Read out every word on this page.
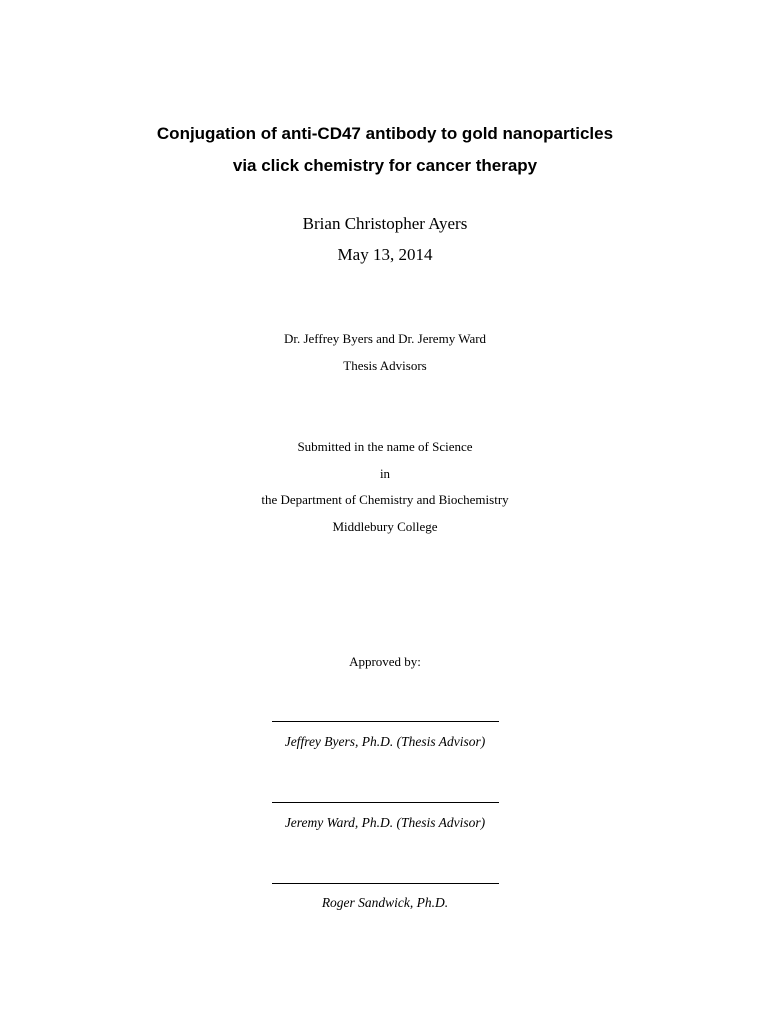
Conjugation of anti-CD47 antibody to gold nanoparticles
via click chemistry for cancer therapy
Brian Christopher Ayers
May 13, 2014
Dr. Jeffrey Byers and Dr. Jeremy Ward
Thesis Advisors
Submitted in the name of Science
in
the Department of Chemistry and Biochemistry
Middlebury College
Approved by:
Jeffrey Byers, Ph.D. (Thesis Advisor)
Jeremy Ward, Ph.D. (Thesis Advisor)
Roger Sandwick, Ph.D.
